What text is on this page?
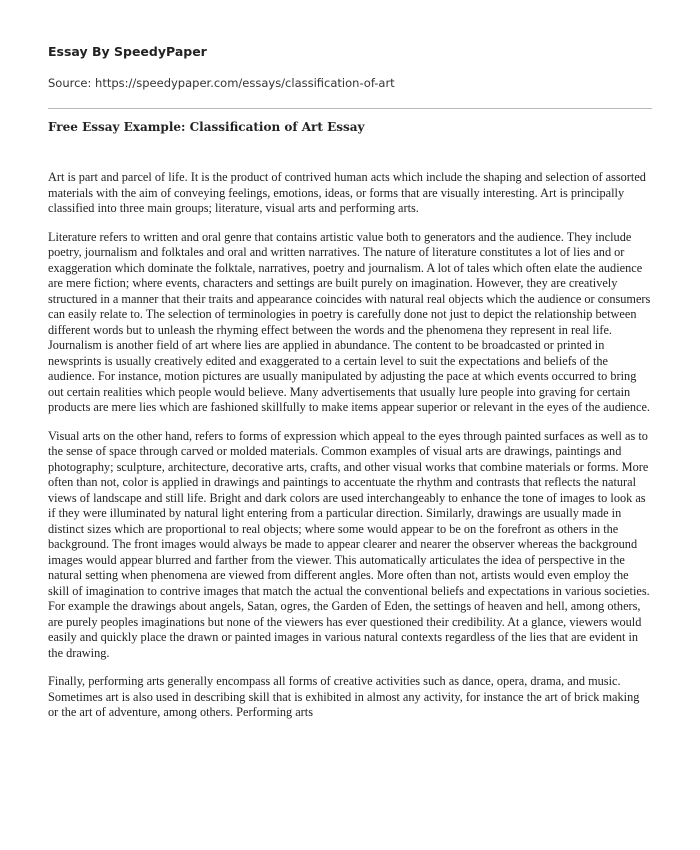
Essay By SpeedyPaper
Source: https://speedypaper.com/essays/classification-of-art
Free Essay Example: Classification of Art Essay

Art is part and parcel of life. It is the product of contrived human acts which include the shaping and selection of assorted materials with the aim of conveying feelings, emotions, ideas, or forms that are visually interesting. Art is principally classified into three main groups; literature, visual arts and performing arts.

Literature refers to written and oral genre that contains artistic value both to generators and the audience. They include poetry, journalism and folktales and oral and written narratives. The nature of literature constitutes a lot of lies and or exaggeration which dominate the folktale, narratives, poetry and journalism. A lot of tales which often elate the audience are mere fiction; where events, characters and settings are built purely on imagination. However, they are creatively structured in a manner that their traits and appearance coincides with natural real objects which the audience or consumers can easily relate to. The selection of terminologies in poetry is carefully done not just to depict the relationship between different words but to unleash the rhyming effect between the words and the phenomena they represent in real life. Journalism is another field of art where lies are applied in abundance. The content to be broadcasted or printed in newsprints is usually creatively edited and exaggerated to a certain level to suit the expectations and beliefs of the audience. For instance, motion pictures are usually manipulated by adjusting the pace at which events occurred to bring out certain realities which people would believe. Many advertisements that usually lure people into graving for certain products are mere lies which are fashioned skillfully to make items appear superior or relevant in the eyes of the audience.

Visual arts on the other hand, refers to forms of expression which appeal to the eyes through painted surfaces as well as to the sense of space through carved or molded materials. Common examples of visual arts are drawings, paintings and photography; sculpture, architecture, decorative arts, crafts, and other visual works that combine materials or forms. More often than not, color is applied in drawings and paintings to accentuate the rhythm and contrasts that reflects the natural views of landscape and still life. Bright and dark colors are used interchangeably to enhance the tone of images to look as if they were illuminated by natural light entering from a particular direction. Similarly, drawings are usually made in distinct sizes which are proportional to real objects; where some would appear to be on the forefront as others in the background. The front images would always be made to appear clearer and nearer the observer whereas the background images would appear blurred and farther from the viewer. This automatically articulates the idea of perspective in the natural setting when phenomena are viewed from different angles. More often than not, artists would even employ the skill of imagination to contrive images that match the actual the conventional beliefs and expectations in various societies. For example the drawings about angels, Satan, ogres, the Garden of Eden, the settings of heaven and hell, among others, are purely peoples imaginations but none of the viewers has ever questioned their credibility. At a glance, viewers would easily and quickly place the drawn or painted images in various natural contexts regardless of the lies that are evident in the drawing.

Finally, performing arts generally encompass all forms of creative activities such as dance, opera, drama, and music. Sometimes art is also used in describing skill that is exhibited in almost any activity, for instance the art of brick making or the art of adventure, among others. Performing arts
